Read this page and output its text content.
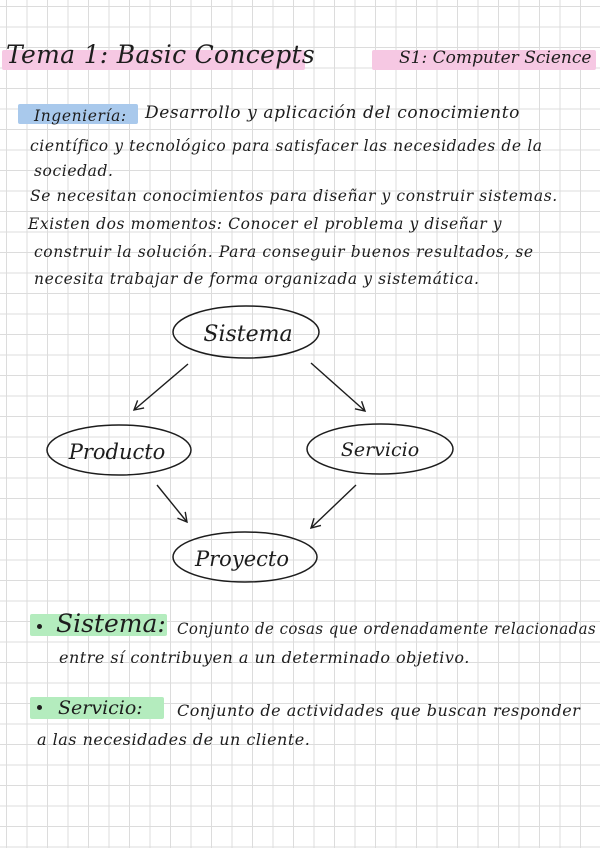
Tema 1: Basic Concepts	S1: Computer Science
Ingeniería: Desarrollo y aplicación del conocimiento
científico y tecnológico para satisfacer las necesidades de la
sociedad.
Se necesitan conocimientos para diseñar y construir sistemas.
Existen dos momentos: Conocer el problema y diseñar y
construir la solución. Para conseguir buenos resultados, se
necesita trabajar de forma organizada y sistemática.
Sistema
Producto	Servicio
Proyecto
Sistema: Conjunto de cosas que ordenadamente relacionadas
entre sí contribuyen a un determinado objetivo.
Servicio: Conjunto de actividades que buscan responder
a las necesidades de un cliente.
